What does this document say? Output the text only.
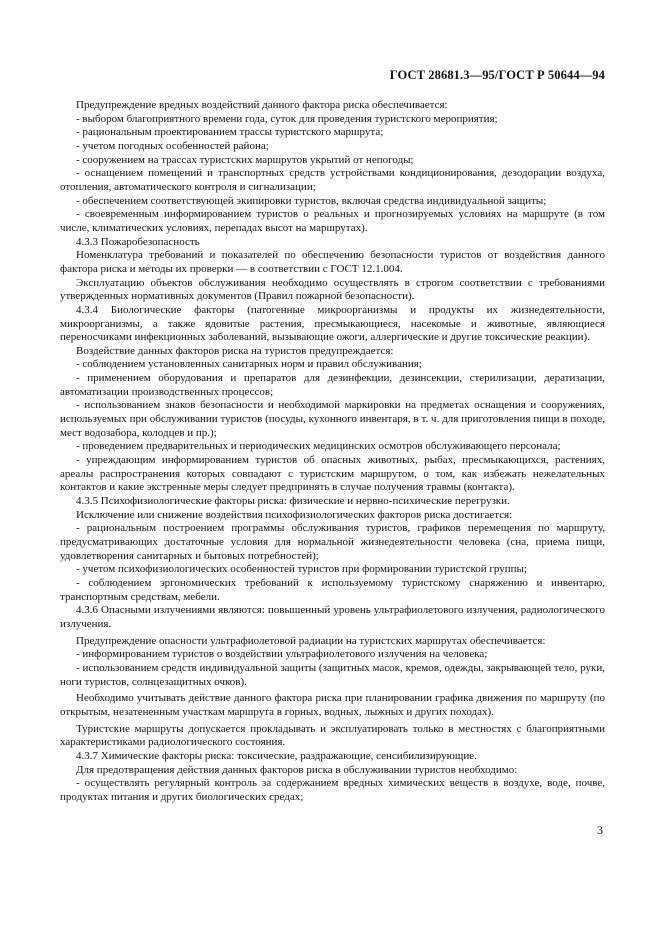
ГОСТ 28681.3—95/ГОСТ Р 50644—94

Предупреждение вредных воздействий данного фактора риска обеспечивается:

- выбором благоприятного времени года, суток для проведения туристского мероприятия;

- рациональным проектированием трассы туристского маршрута;

- учетом погодных особенностей района;

- сооружением на трассах туристских маршрутов укрытий от непогоды;

- оснащением помещений и транспортных средств устройствами кондиционирования, дезодорации воздуха, отопления, автоматического контроля и сигнализации;

- обеспечением соответствующей экипировки туристов, включая средства индивидуальной защиты;

- своевременным информированием туристов о реальных и прогнозируемых условиях на маршруте (в том числе, климатических условиях, перепадах высот на маршрутах).

4.3.3 Пожаробезопасность

Номенклатура требований и показателей по обеспечению безопасности туристов от воздействия данного фактора риска и методы их проверки — в соответствии с ГОСТ 12.1.004.

Эксплуатацию объектов обслуживания необходимо осуществлять в строгом соответствии с требованиями утвержденных нормативных документов (Правил пожарной безопасности).

4.3.4 Биологические факторы (патогенные микроорганизмы и продукты их жизнедеятельности, микроорганизмы, а также ядовитые растения, пресмыкающиеся, насекомые и животные, являющиеся переносчиками инфекционных заболеваний, вызывающие ожоги, аллергические и другие токсические реакции).

Воздействие данных факторов риска на туристов предупреждается:

- соблюдением установленных санитарных норм и правил обслуживания;

- применением оборудования и препаратов для дезинфекции, дезинсекции, стерилизации, дератизации, автоматизации производственных процессов;

- использованием знаков безопасности и необходимой маркировки на предметах оснащения и сооружениях, используемых при обслуживании туристов (посуды, кухонного инвентаря, в т. ч. для приготовления пищи в походе, мест водозабора, колодцев и пр.);

- проведением предварительных и периодических медицинских осмотров обслуживающего персонала;

- упреждающим информированием туристов об опасных животных, рыбах, пресмыкающихся, растениях, ареалы распространения которых совпадают с туристским маршрутом, о том, как избежать нежелательных контактов и какие экстренные меры следует предпринять в случае получения травмы (контакта).

4.3.5 Психофизиологические факторы риска: физические и нервно-психические перегрузки.

Исключение или снижение воздействия психофизиологических факторов риска достигается:

- рациональным построением программы обслуживания туристов, графиков перемещения по маршруту, предусматривающих достаточные условия для нормальной жизнедеятельности человека (сна, приема пищи, удовлетворения санитарных и бытовых потребностей);

- учетом психофизиологических особенностей туристов при формировании туристской группы;

- соблюдением эргономических требований к используемому туристскому снаряжению и инвентарю, транспортным средствам, мебели.

4.3.6 Опасными излучениями являются: повышенный уровень ультрафиолетового излучения, радиологического излучения.

Предупреждение опасности ультрафиолетовой радиации на туристских маршрутах обеспечивается:

- информированием туристов о воздействии ультрафиолетового излучения на человека;

- использованием средств индивидуальной защиты (защитных масок, кремов, одежды, закрывающей тело, руки, ноги туристов, солнцезащитных очков).

Необходимо учитывать действие данного фактора риска при планировании графика движения по маршруту (по открытым, незатененным участкам маршрута в горных, водных, лыжных и других походах).

Туристские маршруты допускается прокладывать и эксплуатировать только в местностях с благоприятными характеристиками радиологического состояния.

4.3.7 Химические факторы риска: токсические, раздражающие, сенсибилизирующие.

Для предотвращения действия данных факторов риска в обслуживании туристов необходимо:

- осуществлять регулярный контроль за содержанием вредных химических веществ в воздухе, воде, почве, продуктах питания и других биологических средах;

3
